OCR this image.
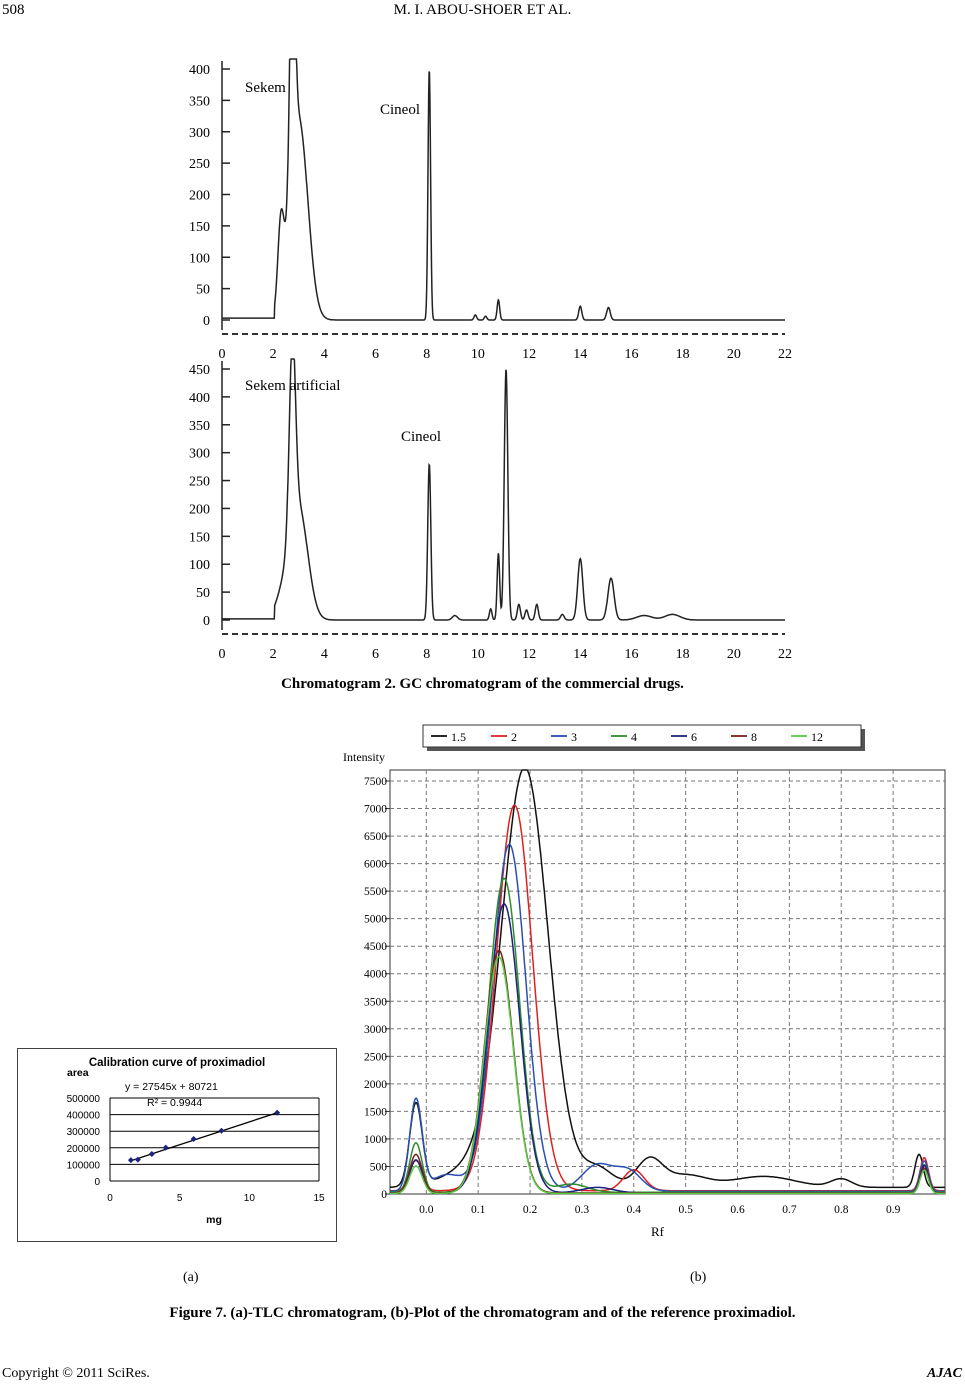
508	M. I. ABOU-SHOER ET AL.
0
50
100
150
200
250
300
350
400
0	2	4	6	8	10	12	14	16	18	20	22
Sekem
Cineol
0
50
100
150
200
250
300
350
400
450
0	2	4	6	8	10	12	14	16	18	20	22
Sekem artificial
Cineol
Chromatogram 2. GC chromatogram of the commercial drugs.
Calibration curve of proximadiol
area
y = 27545x + 80721
R² = 0.9944
0
100000
200000
300000
400000
500000
0	5	10	15
mg
1.5	2	3	4	6	8	12
Intensity
0
500
1000
1500
2000
2500
3000
3500
4000
4500
5000
5500
6000
6500
7000
7500
0.0	0.1	0.2	0.3	0.4	0.5	0.6	0.7	0.8	0.9
Rf
(a)	(b)
Figure 7. (a)-TLC chromatogram, (b)-Plot of the chromatogram and of the reference proximadiol.
Copyright © 2011 SciRes.	AJAC
